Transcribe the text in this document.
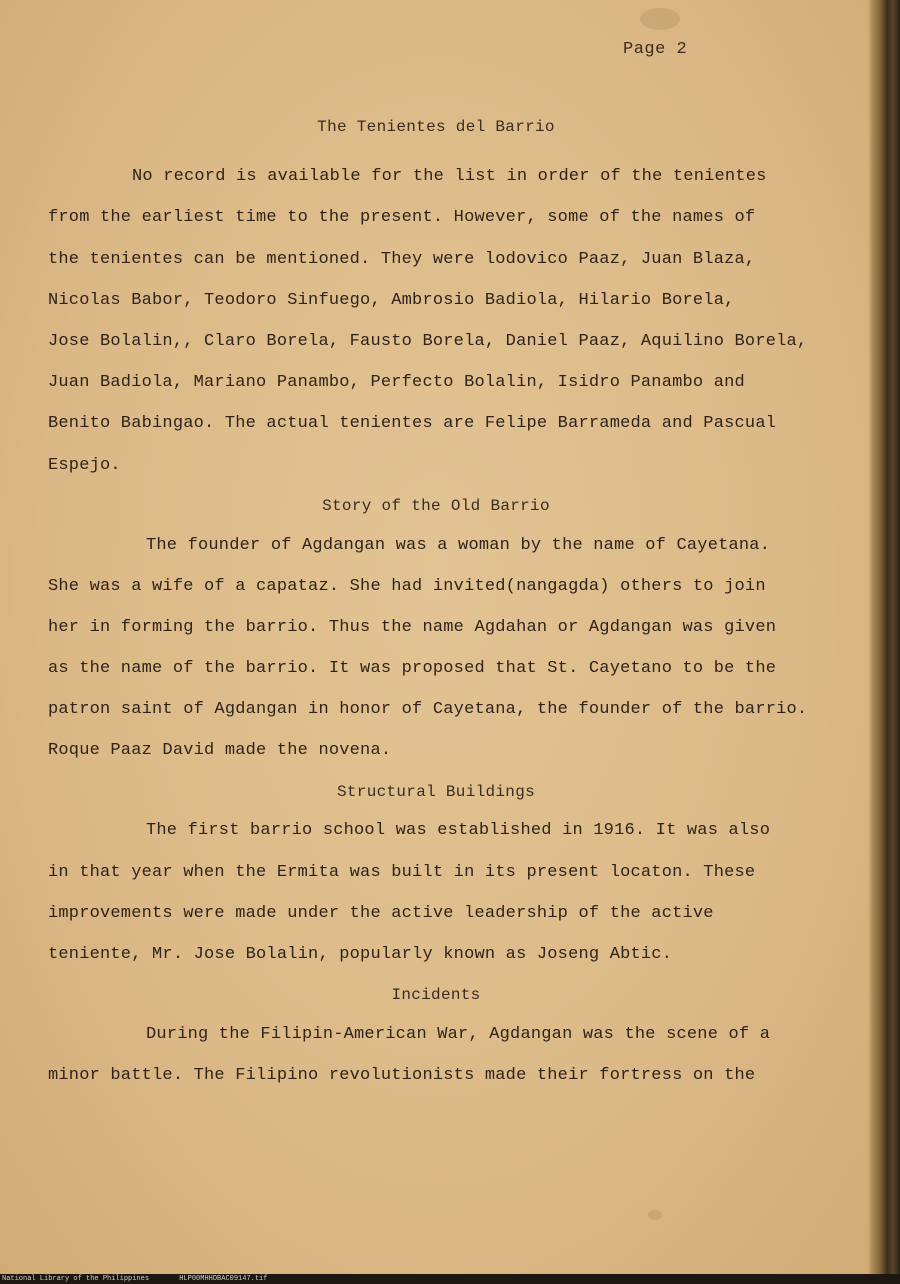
Page 2
The Tenientes del Barrio
No record is available for the list in order of the tenientes
from the earliest time to the present. However, some of the names of
the tenientes can be mentioned. They were lodovico Paaz, Juan Blaza,
Nicolas Babor, Teodoro Sinfuego, Ambrosio Badiola, Hilario Borela,
Jose Bolalin,, Claro Borela, Fausto Borela, Daniel Paaz, Aquilino Borela,
Juan Badiola, Mariano Panambo, Perfecto Bolalin, Isidro Panambo and
Benito Babingao. The actual tenientes are Felipe Barrameda and Pascual
Espejo.
Story of the Old Barrio
The founder of Agdangan was a woman by the name of Cayetana.
She was a wife of a capataz. She had invited(nangagda) others to join
her in forming the barrio. Thus the name Agdahan or Agdangan was given
as the name of the barrio. It was proposed that St. Cayetano to be the
patron saint of Agdangan in honor of Cayetana, the founder of the barrio.
Roque Paaz David made the novena.
Structural Buildings
The first barrio school was established in 1916. It was also
in that year when the Ermita was built in its present locaton. These
improvements were made under the active leadership of the active
teniente, Mr. Jose Bolalin, popularly known as Joseng Abtic.
Incidents
During the Filipin-American War, Agdangan was the scene of a
minor battle. The Filipino revolutionists made their fortress on the
National Library of the Philippines	HLP00MHHDBAC09147.tif
